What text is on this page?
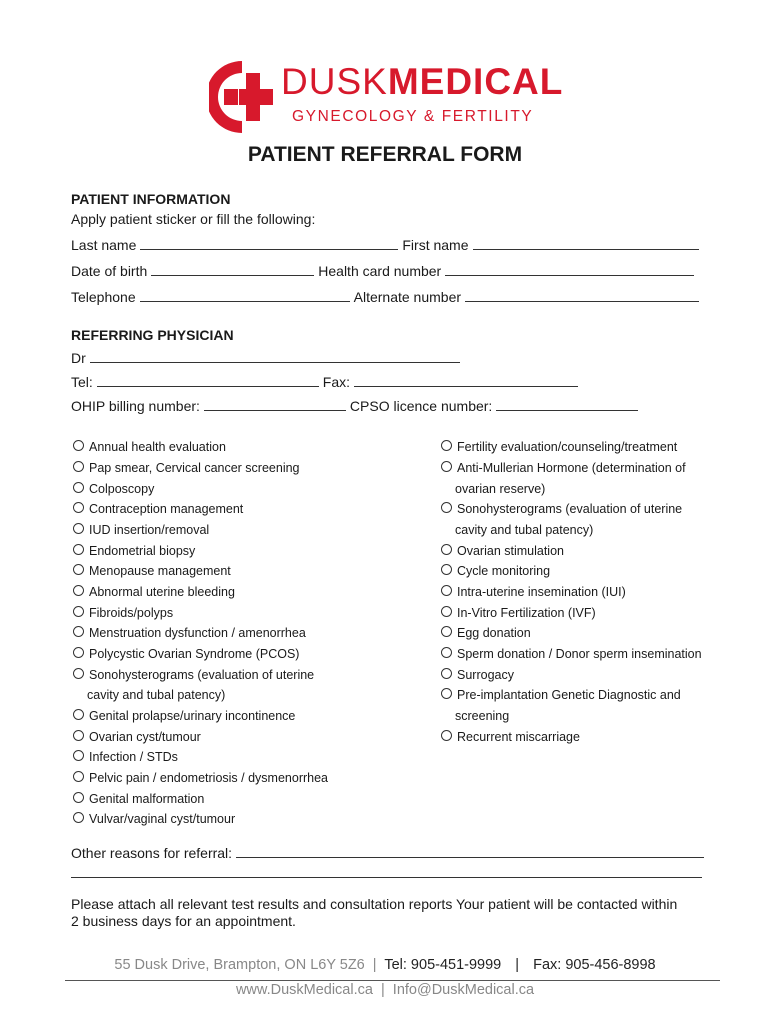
DUSKMEDICAL
GYNECOLOGY & FERTILITY
PATIENT REFERRAL FORM
PATIENT INFORMATION
Apply patient sticker or fill the following:
Last name	First name
Date of birth	Health card number
Telephone	Alternate number
REFERRING PHYSICIAN
Dr
Tel:	Fax:
OHIP billing number:	CPSO licence number:
Annual health evaluation
Pap smear, Cervical cancer screening
Colposcopy
Contraception management
IUD insertion/removal
Endometrial biopsy
Menopause management
Abnormal uterine bleeding
Fibroids/polyps
Menstruation dysfunction / amenorrhea
Polycystic Ovarian Syndrome (PCOS)
Sonohysterograms (evaluation of uterine
cavity and tubal patency)
Genital prolapse/urinary incontinence
Ovarian cyst/tumour
Infection / STDs
Pelvic pain / endometriosis / dysmenorrhea
Genital malformation
Vulvar/vaginal cyst/tumour
Fertility evaluation/counseling/treatment
Anti-Mullerian Hormone (determination of
ovarian reserve)
Sonohysterograms (evaluation of uterine
cavity and tubal patency)
Ovarian stimulation
Cycle monitoring
Intra-uterine insemination (IUI)
In-Vitro Fertilization (IVF)
Egg donation
Sperm donation / Donor sperm insemination
Surrogacy
Pre-implantation Genetic Diagnostic and
screening
Recurrent miscarriage
Other reasons for referral:
Please attach all relevant test results and consultation reports Your patient will be contacted within
2 business days for an appointment.
55 Dusk Drive, Brampton, ON L6Y 5Z6 | Tel: 905-451-9999 | Fax: 905-456-8998
www.DuskMedical.ca | Info@DuskMedical.ca
